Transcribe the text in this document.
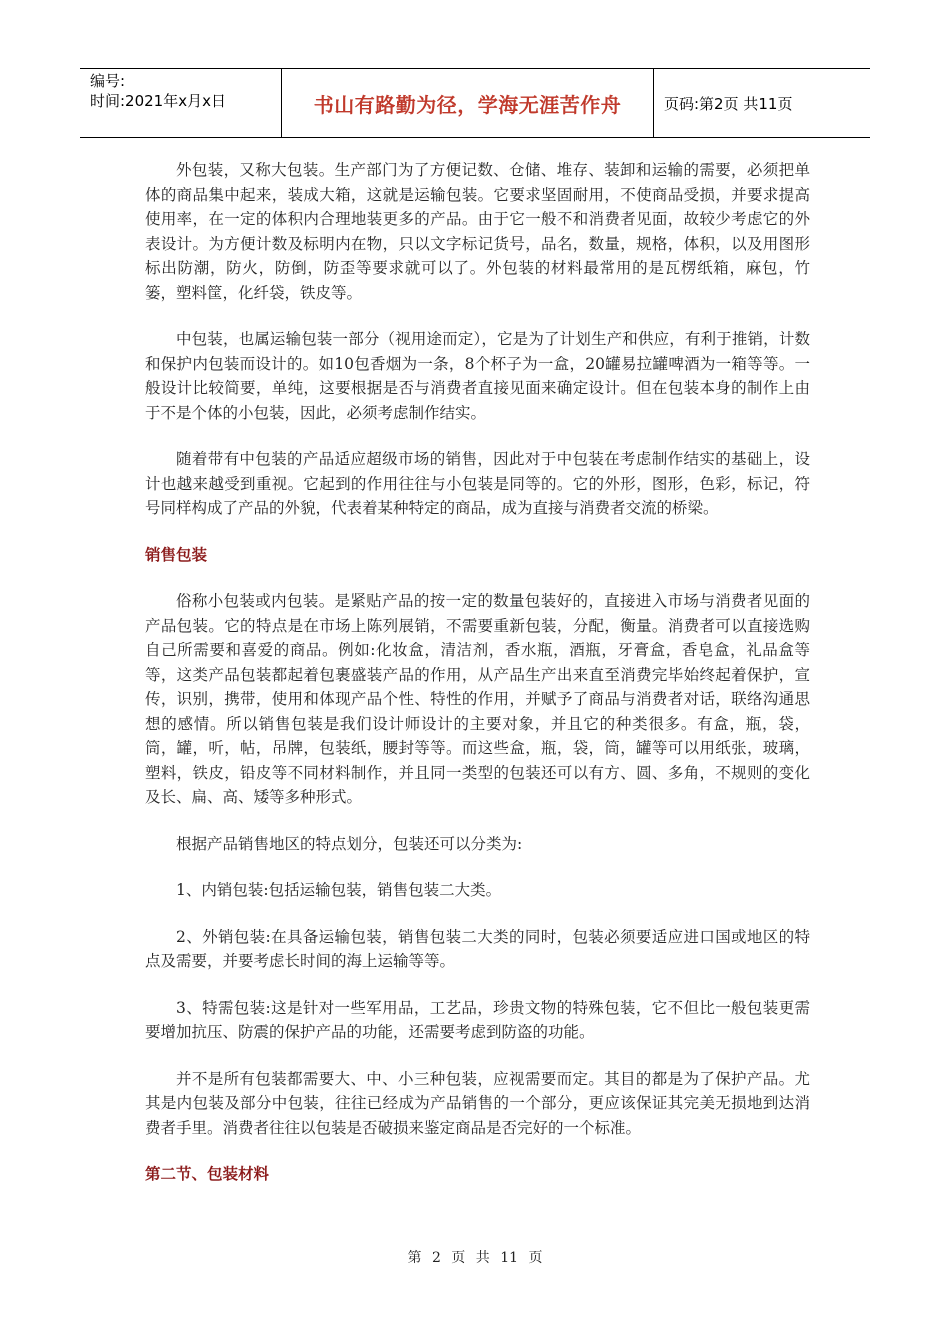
编号:
时间:2021年x月x日	书山有路勤为径，学海无涯苦作舟	页码:第2页 共11页

外包装，又称大包装。生产部门为了方便记数、仓储、堆存、装卸和运输的需要，必须把单体的商品集中起来，装成大箱，这就是运输包装。它要求坚固耐用，不使商品受损，并要求提高使用率，在一定的体积内合理地装更多的产品。由于它一般不和消费者见面，故较少考虑它的外表设计。为方便计数及标明内在物，只以文字标记货号，品名，数量，规格，体积，以及用图形标出防潮，防火，防倒，防歪等要求就可以了。外包装的材料最常用的是瓦楞纸箱，麻包，竹篓，塑料筐，化纤袋，铁皮等。

中包装，也属运输包装一部分（视用途而定），它是为了计划生产和供应，有利于推销，计数和保护内包装而设计的。如10包香烟为一条，8个杯子为一盒，20罐易拉罐啤酒为一箱等等。一般设计比较简要，单纯，这要根据是否与消费者直接见面来确定设计。但在包装本身的制作上由于不是个体的小包装，因此，必须考虑制作结实。

随着带有中包装的产品适应超级市场的销售，因此对于中包装在考虑制作结实的基础上，设计也越来越受到重视。它起到的作用往往与小包装是同等的。它的外形，图形，色彩，标记，符号同样构成了产品的外貌，代表着某种特定的商品，成为直接与消费者交流的桥梁。

销售包装

俗称小包装或内包装。是紧贴产品的按一定的数量包装好的，直接进入市场与消费者见面的产品包装。它的特点是在市场上陈列展销，不需要重新包装，分配，衡量。消费者可以直接选购自己所需要和喜爱的商品。例如:化妆盒，清洁剂，香水瓶，酒瓶，牙膏盒，香皂盒，礼品盒等等，这类产品包装都起着包裹盛装产品的作用，从产品生产出来直至消费完毕始终起着保护，宣传，识别，携带，使用和体现产品个性、特性的作用，并赋予了商品与消费者对话，联络沟通思想的感情。所以销售包装是我们设计师设计的主要对象，并且它的种类很多。有盒，瓶，袋，筒，罐，听，帖，吊牌，包装纸，腰封等等。而这些盒，瓶，袋，筒，罐等可以用纸张，玻璃，塑料，铁皮，铅皮等不同材料制作，并且同一类型的包装还可以有方、圆、多角，不规则的变化及长、扁、高、矮等多种形式。

根据产品销售地区的特点划分，包装还可以分类为:

1、内销包装:包括运输包装，销售包装二大类。

2、外销包装:在具备运输包装，销售包装二大类的同时，包装必须要适应进口国或地区的特点及需要，并要考虑长时间的海上运输等等。

3、特需包装:这是针对一些军用品，工艺品，珍贵文物的特殊包装，它不但比一般包装更需要增加抗压、防震的保护产品的功能，还需要考虑到防盗的功能。

并不是所有包装都需要大、中、小三种包装，应视需要而定。其目的都是为了保护产品。尤其是内包装及部分中包装，往往已经成为产品销售的一个部分，更应该保证其完美无损地到达消费者手里。消费者往往以包装是否破损来鉴定商品是否完好的一个标准。

第二节、包装材料
第 2 页 共 11 页
